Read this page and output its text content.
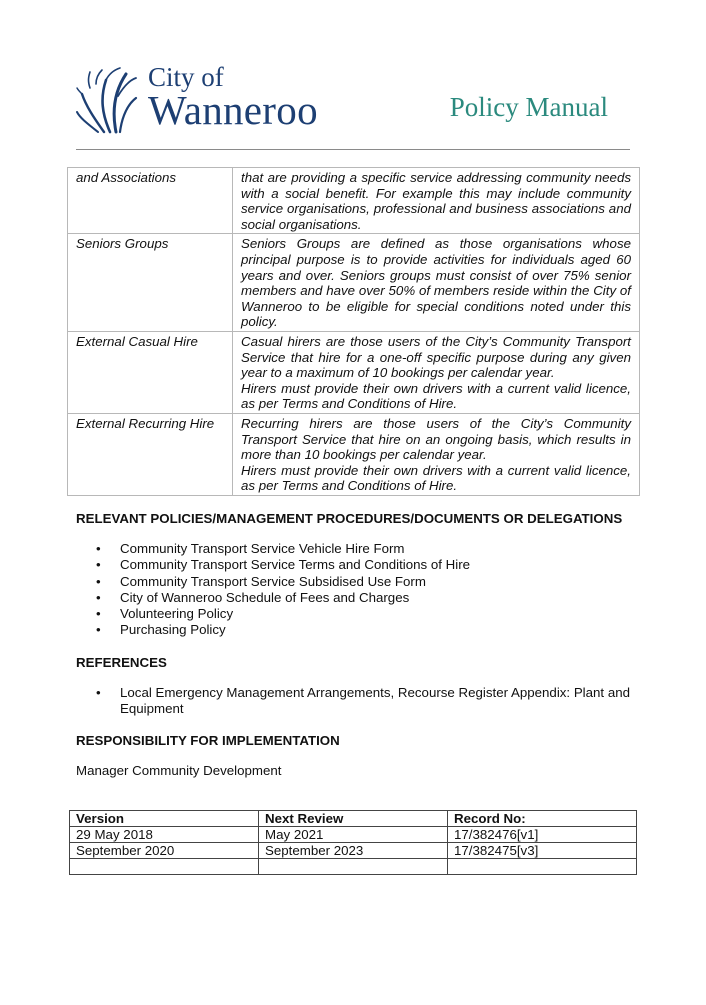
City of
Wanneroo	Policy Manual
and Associations	that are providing a specific service addressing community needs with a social benefit. For example this may include community service organisations, professional and business associations and social organisations.

Seniors Groups	Seniors Groups are defined as those organisations whose principal purpose is to provide activities for individuals aged 60 years and over. Seniors groups must consist of over 75% senior members and have over 50% of members reside within the City of Wanneroo to be eligible for special conditions noted under this policy.

External Casual Hire	Casual hirers are those users of the City’s Community Transport Service that hire for a one-off specific purpose during any given year to a maximum of 10 bookings per calendar year.
Hirers must provide their own drivers with a current valid licence, as per Terms and Conditions of Hire.

External Recurring Hire	Recurring hirers are those users of the City’s Community Transport Service that hire on an ongoing basis, which results in more than 10 bookings per calendar year.
Hirers must provide their own drivers with a current valid licence, as per Terms and Conditions of Hire.
RELEVANT POLICIES/MANAGEMENT PROCEDURES/DOCUMENTS OR DELEGATIONS
• Community Transport Service Vehicle Hire Form
• Community Transport Service Terms and Conditions of Hire
• Community Transport Service Subsidised Use Form
• City of Wanneroo Schedule of Fees and Charges
• Volunteering Policy
• Purchasing Policy
REFERENCES
• Local Emergency Management Arrangements, Recourse Register Appendix: Plant and Equipment
RESPONSIBILITY FOR IMPLEMENTATION
Manager Community Development
Version	Next Review	Record No:
29 May 2018	May 2021	17/382476[v1]
September 2020	September 2023	17/382475[v3]
